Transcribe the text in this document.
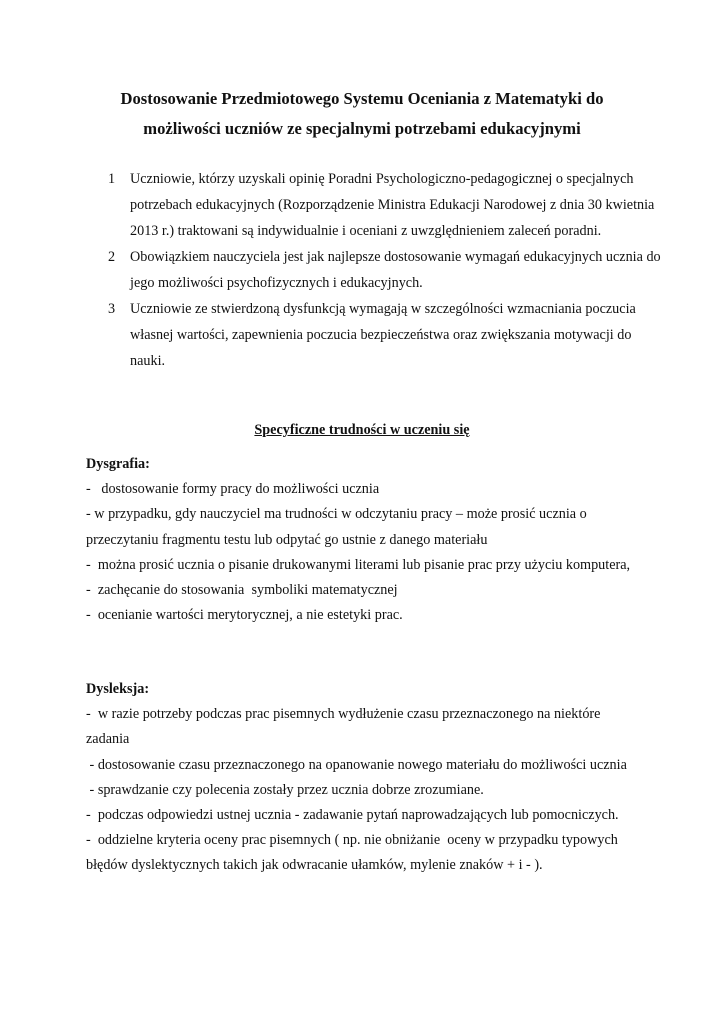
Dostosowanie Przedmiotowego Systemu Oceniania z Matematyki do
możliwości uczniów ze specjalnymi potrzebami edukacyjnymi
1 Uczniowie, którzy uzyskali opinię Poradni Psychologiczno-pedagogicznej o specjalnych potrzebach edukacyjnych (Rozporządzenie Ministra Edukacji Narodowej z dnia 30 kwietnia 2013 r.) traktowani są indywidualnie i oceniani z uwzględnieniem zaleceń poradni.
2 Obowiązkiem nauczyciela jest jak najlepsze dostosowanie wymagań edukacyjnych ucznia do jego możliwości psychofizycznych i edukacyjnych.
3 Uczniowie ze stwierdzoną dysfunkcją wymagają w szczególności wzmacniania poczucia własnej wartości, zapewnienia poczucia bezpieczeństwa oraz zwiększania motywacji do nauki.
Specyficzne trudności w uczeniu się
Dysgrafia:
-   dostosowanie formy pracy do możliwości ucznia
- w przypadku, gdy nauczyciel ma trudności w odczytaniu pracy – może prosić ucznia o przeczytaniu fragmentu testu lub odpytać go ustnie z danego materiału
-  można prosić ucznia o pisanie drukowanymi literami lub pisanie prac przy użyciu komputera,
-  zachęcanie do stosowania  symboliki matematycznej
-  ocenianie wartości merytorycznej, a nie estetyki prac.
Dysleksja:
-  w razie potrzeby podczas prac pisemnych wydłużenie czasu przeznaczonego na niektóre zadania
- dostosowanie czasu przeznaczonego na opanowanie nowego materiału do możliwości ucznia
- sprawdzanie czy polecenia zostały przez ucznia dobrze zrozumiane.
-  podczas odpowiedzi ustnej ucznia - zadawanie pytań naprowadzających lub pomocniczych.
-  oddzielne kryteria oceny prac pisemnych ( np. nie obniżanie  oceny w przypadku typowych błędów dyslektycznych takich jak odwracanie ułamków, mylenie znaków + i - ).
